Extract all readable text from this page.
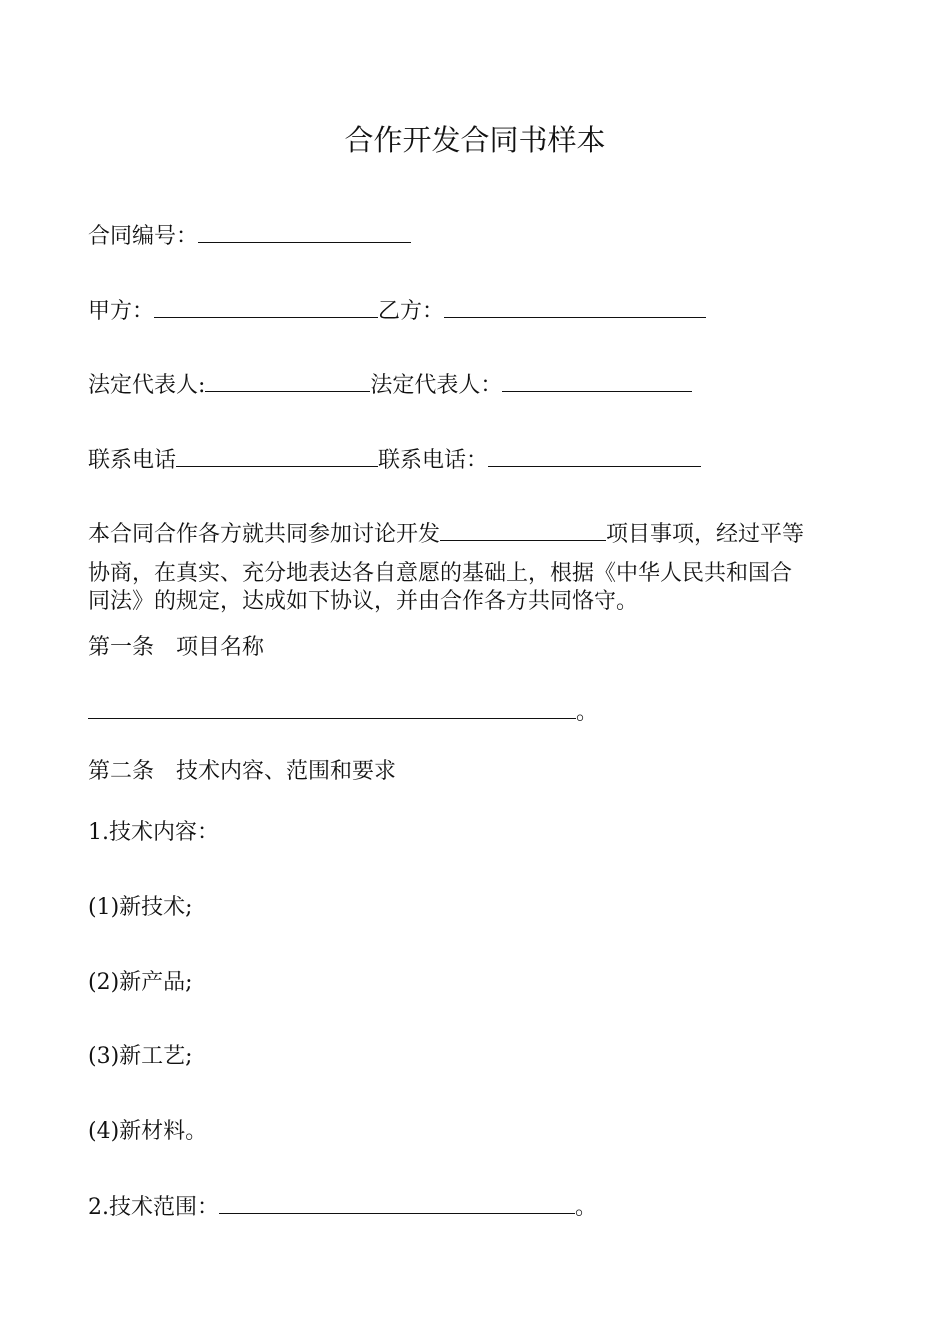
合作开发合同书样本
合同编号：
甲方：	乙方：
法定代表人:	法定代表人：
联系电话	联系电话：
本合同合作各方就共同参加讨论开发	项目事项，经过平等
协商，在真实、充分地表达各自意愿的基础上，根据《中华人民共和国合
同法》的规定，达成如下协议，并由合作各方共同恪守。
第一条　项目名称
。
第二条　技术内容、范围和要求
1.技术内容：
(1)新技术;
(2)新产品;
(3)新工艺;
(4)新材料。
2.技术范围：	。
